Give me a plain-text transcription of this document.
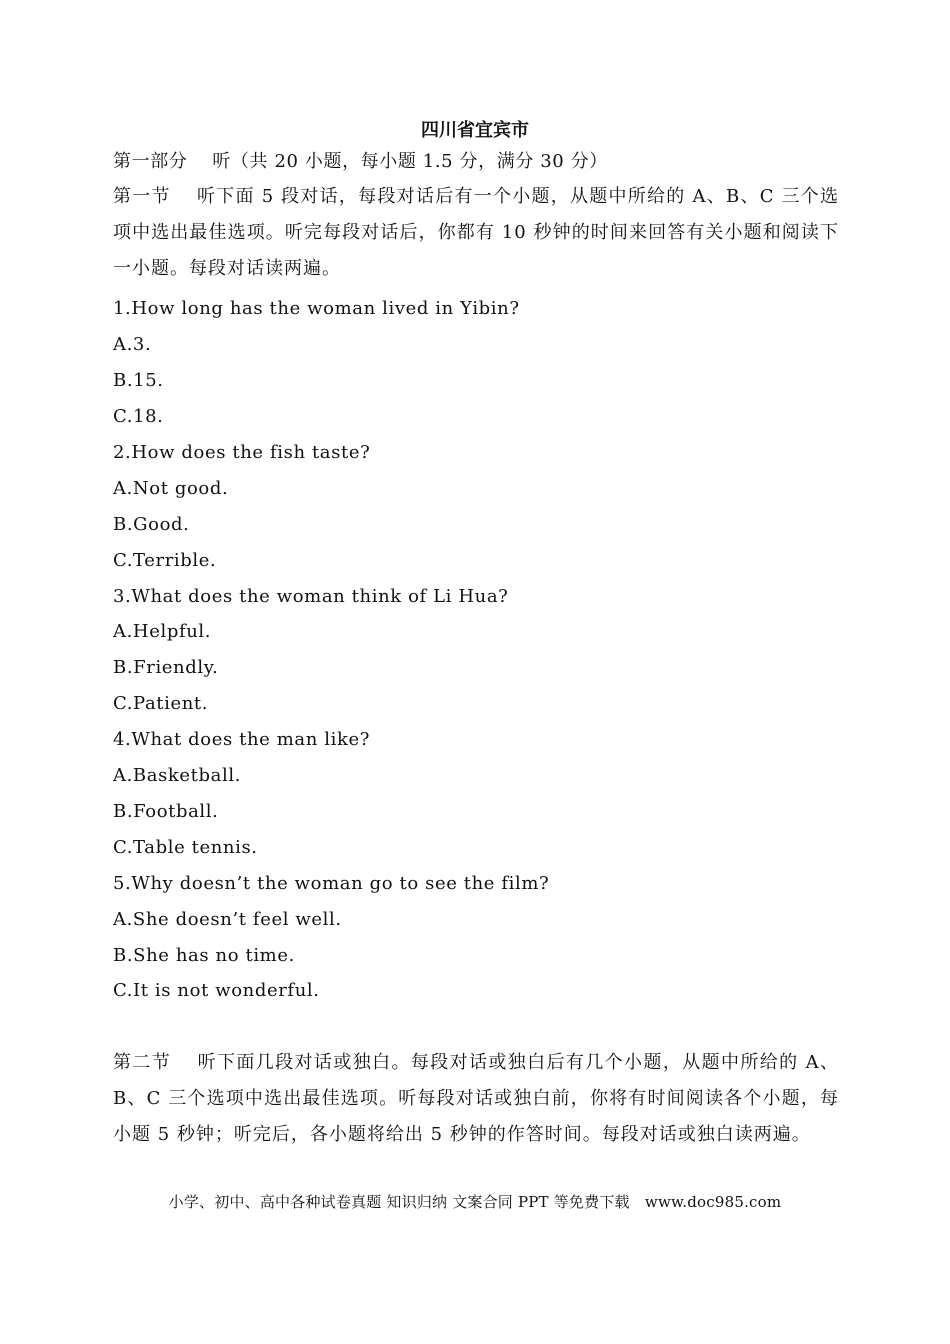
四川省宜宾市
第一部分　 听（共 20 小题，每小题 1.5 分，满分 30 分）
第一节　 听下面 5 段对话，每段对话后有一个小题，从题中所给的 A、B、C 三个选项中选出最佳选项。听完每段对话后，你都有 10 秒钟的时间来回答有关小题和阅读下一小题。每段对话读两遍。
1.How long has the woman lived in Yibin?
A.3.
B.15.
C.18.
2.How does the fish taste?
A.Not good.
B.Good.
C.Terrible.
3.What does the woman think of Li Hua?
A.Helpful.
B.Friendly.
C.Patient.
4.What does the man like?
A.Basketball.
B.Football.
C.Table tennis.
5.Why doesn’t the woman go to see the film?
A.She doesn’t feel well.
B.She has no time.
C.It is not wonderful.
第二节　 听下面几段对话或独白。每段对话或独白后有几个小题，从题中所给的 A、B、C 三个选项中选出最佳选项。听每段对话或独白前，你将有时间阅读各个小题，每小题 5 秒钟；听完后，各小题将给出 5 秒钟的作答时间。每段对话或独白读两遍。
小学、初中、高中各种试卷真题 知识归纳 文案合同 PPT 等免费下载　www.doc985.com
